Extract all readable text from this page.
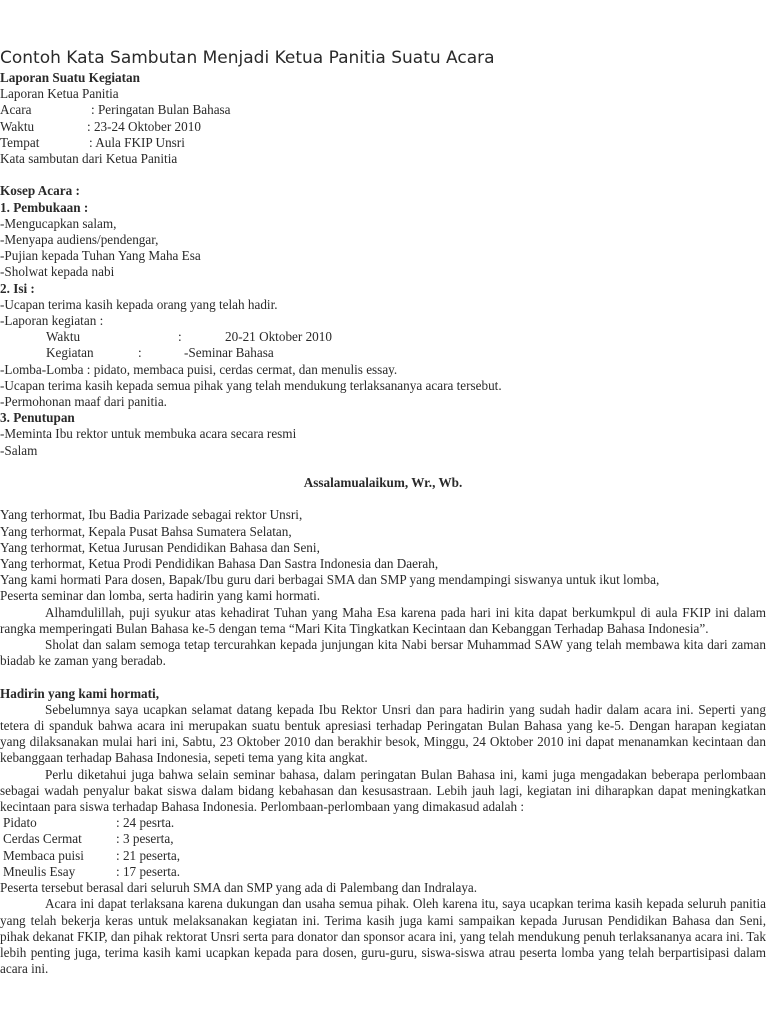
Contoh Kata Sambutan Menjadi Ketua Panitia Suatu Acara
Laporan Suatu Kegiatan
Laporan Ketua Panitia
Acara	: Peringatan Bulan Bahasa
Waktu	: 23-24 Oktober 2010
Tempat	: Aula FKIP Unsri
Kata sambutan dari Ketua Panitia
Kosep Acara :
1. Pembukaan :
-Mengucapkan salam,
-Menyapa audiens/pendengar,
-Pujian kepada Tuhan Yang Maha Esa
-Sholwat kepada nabi
2. Isi :
-Ucapan terima kasih kepada orang yang telah hadir.
-Laporan kegiatan :
Waktu	:	20-21 Oktober 2010
Kegiatan	:	-Seminar Bahasa
-Lomba-Lomba : pidato, membaca puisi, cerdas cermat, dan menulis essay.
-Ucapan terima kasih kepada semua pihak yang telah mendukung terlaksananya acara tersebut.
-Permohonan maaf dari panitia.
3. Penutupan
-Meminta Ibu rektor untuk membuka acara secara resmi
-Salam
Assalamualaikum, Wr., Wb.
Yang terhormat, Ibu Badia Parizade sebagai rektor Unsri,
Yang terhormat, Kepala Pusat Bahsa Sumatera Selatan,
Yang terhormat, Ketua Jurusan Pendidikan Bahasa dan Seni,
Yang terhormat, Ketua Prodi Pendidikan Bahasa Dan Sastra Indonesia dan Daerah,
Yang kami hormati Para dosen, Bapak/Ibu guru dari berbagai SMA dan SMP yang mendampingi siswanya untuk ikut lomba,
Peserta seminar dan lomba, serta hadirin yang kami hormati.

Alhamdulillah, puji syukur atas kehadirat Tuhan yang Maha Esa karena pada hari ini kita dapat berkumkpul di aula FKIP ini dalam rangka memperingati Bulan Bahasa ke-5 dengan tema “Mari Kita Tingkatkan Kecintaan dan Kebanggan Terhadap Bahasa Indonesia”.

Sholat dan salam semoga tetap tercurahkan kepada junjungan kita Nabi bersar Muhammad SAW yang telah membawa kita dari zaman biadab ke zaman yang beradab.

Hadirin yang kami hormati,

Sebelumnya saya ucapkan selamat datang kepada Ibu Rektor Unsri dan para hadirin yang sudah hadir dalam acara ini. Seperti yang tetera di spanduk bahwa acara ini merupakan suatu bentuk apresiasi terhadap Peringatan Bulan Bahasa yang ke-5. Dengan harapan kegiatan yang dilaksanakan mulai hari ini, Sabtu, 23 Oktober 2010 dan berakhir besok, Minggu, 24 Oktober 2010 ini dapat menanamkan kecintaan dan kebanggaan terhadap Bahasa Indonesia, sepeti tema yang kita angkat.

Perlu diketahui juga bahwa selain seminar bahasa, dalam peringatan Bulan Bahasa ini, kami juga mengadakan beberapa perlombaan sebagai wadah penyalur bakat siswa dalam bidang kebahasan dan kesusastraan. Lebih jauh lagi, kegiatan ini diharapkan dapat meningkatkan kecintaan para siswa terhadap Bahasa Indonesia. Perlombaan-perlombaan yang dimakasud adalah :

Pidato	: 24 pesrta.
Cerdas Cermat	: 3 peserta,
Membaca puisi : 21 peserta,
Mneulis Esay	: 17 peserta.
Peserta tersebut berasal dari seluruh SMA dan SMP yang ada di Palembang dan Indralaya.

Acara ini dapat terlaksana karena dukungan dan usaha semua pihak. Oleh karena itu, saya ucapkan terima kasih kepada seluruh panitia yang telah bekerja keras untuk melaksanakan kegiatan ini. Terima kasih juga kami sampaikan kepada Jurusan Pendidikan Bahasa dan Seni, pihak dekanat FKIP, dan pihak rektorat Unsri serta para donator dan sponsor acara ini, yang telah mendukung penuh terlaksananya acara ini. Tak lebih penting juga, terima kasih kami ucapkan kepada para dosen, guru-guru, siswa-siswa atrau peserta lomba yang telah berpartisipasi dalam acara ini.
